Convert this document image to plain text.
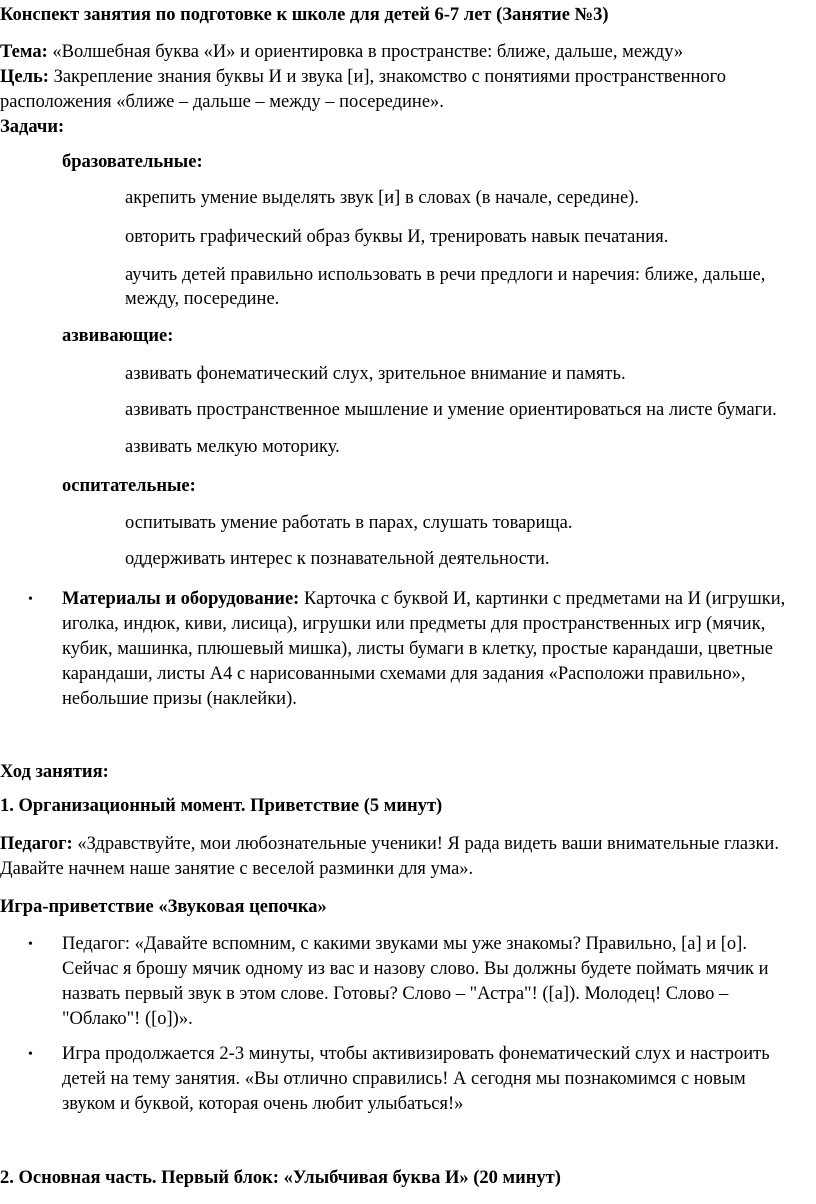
Конспект занятия по подготовке к школе для детей 6-7 лет (Занятие №3)

Тема: «Волшебная буква «И» и ориентировка в пространстве: ближе, дальше, между»

Цель: Закрепление знания буквы И и звука [и], знакомство с понятиями пространственного

расположения «ближе – дальше – между – посередине».

Задачи:

бразовательные:

акрепить умение выделять звук [и] в словах (в начале, середине).

овторить графический образ буквы И, тренировать навык печатания.

аучить детей правильно использовать в речи предлоги и наречия: ближе, дальше,

между, посередине.

азвивающие:

азвивать фонематический слух, зрительное внимание и память.

азвивать пространственное мышление и умение ориентироваться на листе бумаги.

азвивать мелкую моторику.

оспитательные:

оспитывать умение работать в парах, слушать товарища.

оддерживать интерес к познавательной деятельности.

• Материалы и оборудование: Карточка с буквой И, картинки с предметами на И (игрушки,
иголка, индюк, киви, лисица), игрушки или предметы для пространственных игр (мячик,
кубик, машинка, плюшевый мишка), листы бумаги в клетку, простые карандаши, цветные
карандаши, листы А4 с нарисованными схемами для задания «Расположи правильно»,
небольшие призы (наклейки).

Ход занятия:

1. Организационный момент. Приветствие (5 минут)

Педагог: «Здравствуйте, мои любознательные ученики! Я рада видеть ваши внимательные глазки.

Давайте начнем наше занятие с веселой разминки для ума».

Игра-приветствие «Звуковая цепочка»

• Педагог: «Давайте вспомним, с какими звуками мы уже знакомы? Правильно, [а] и [о].
Сейчас я брошу мячик одному из вас и назову слово. Вы должны будете поймать мячик и
назвать первый звук в этом слове. Готовы? Слово – "Астра"! ([а]). Молодец! Слово –
"Облако"! ([о])».
• Игра продолжается 2-3 минуты, чтобы активизировать фонематический слух и настроить
детей на тему занятия. «Вы отлично справились! А сегодня мы познакомимся с новым
звуком и буквой, которая очень любит улыбаться!»

2. Основная часть. Первый блок: «Улыбчивая буква И» (20 минут)
